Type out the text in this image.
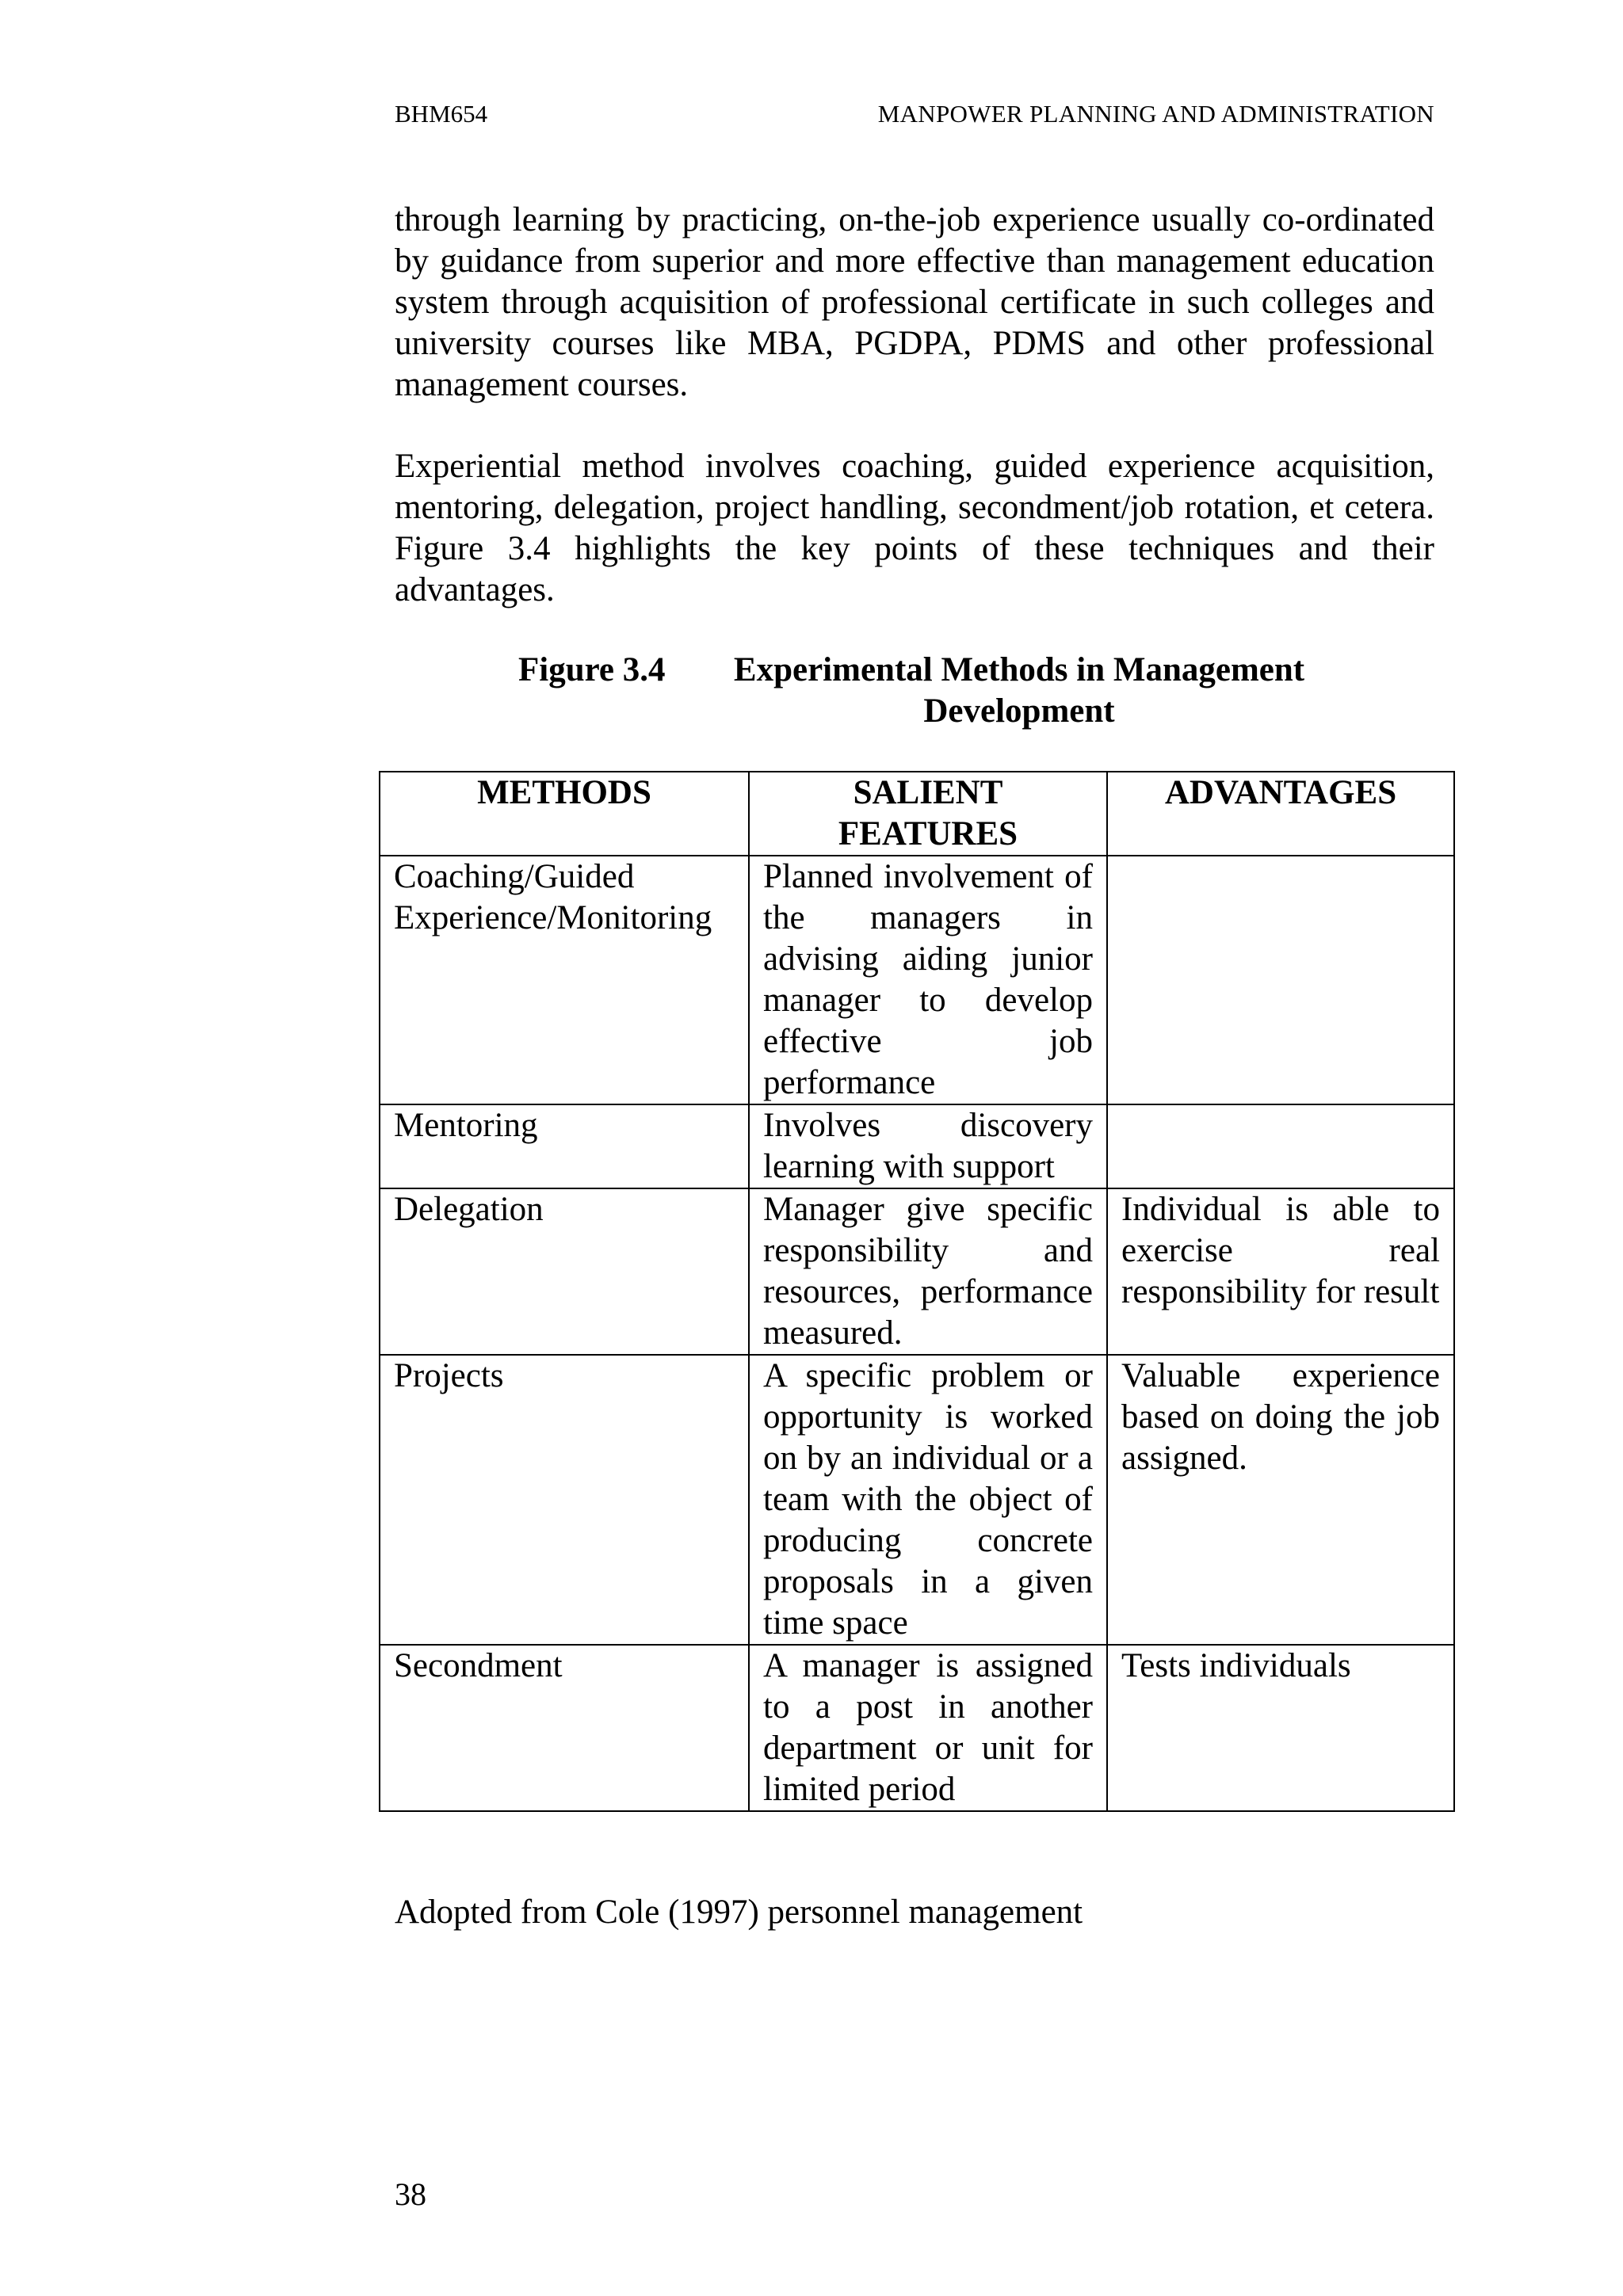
BHM654	MANPOWER PLANNING AND ADMINISTRATION

through learning by practicing, on-the-job experience usually co-ordinated by guidance from superior and more effective than management education system through acquisition of professional certificate in such colleges and university courses like MBA, PGDPA, PDMS and other professional management courses.

Experiential method involves coaching, guided experience acquisition, mentoring, delegation, project handling, secondment/job rotation, et cetera. Figure 3.4 highlights the key points of these techniques and their advantages.

Figure 3.4	Experimental Methods in Management Development
METHODS	SALIENT FEATURES	ADVANTAGES
Coaching/Guided Experience/Monitoring	Planned involvement of the managers in advising aiding junior manager to develop effective job performance	
Mentoring	Involves discovery learning with support	
Delegation	Manager give specific responsibility and resources, performance measured.	Individual is able to exercise real responsibility for result
Projects	A specific problem or opportunity is worked on by an individual or a team with the object of producing concrete proposals in a given time space	Valuable experience based on doing the job assigned.
Secondment	A manager is assigned to a post in another department or unit for limited period	Tests individuals
Adopted from Cole (1997) personnel management
38
